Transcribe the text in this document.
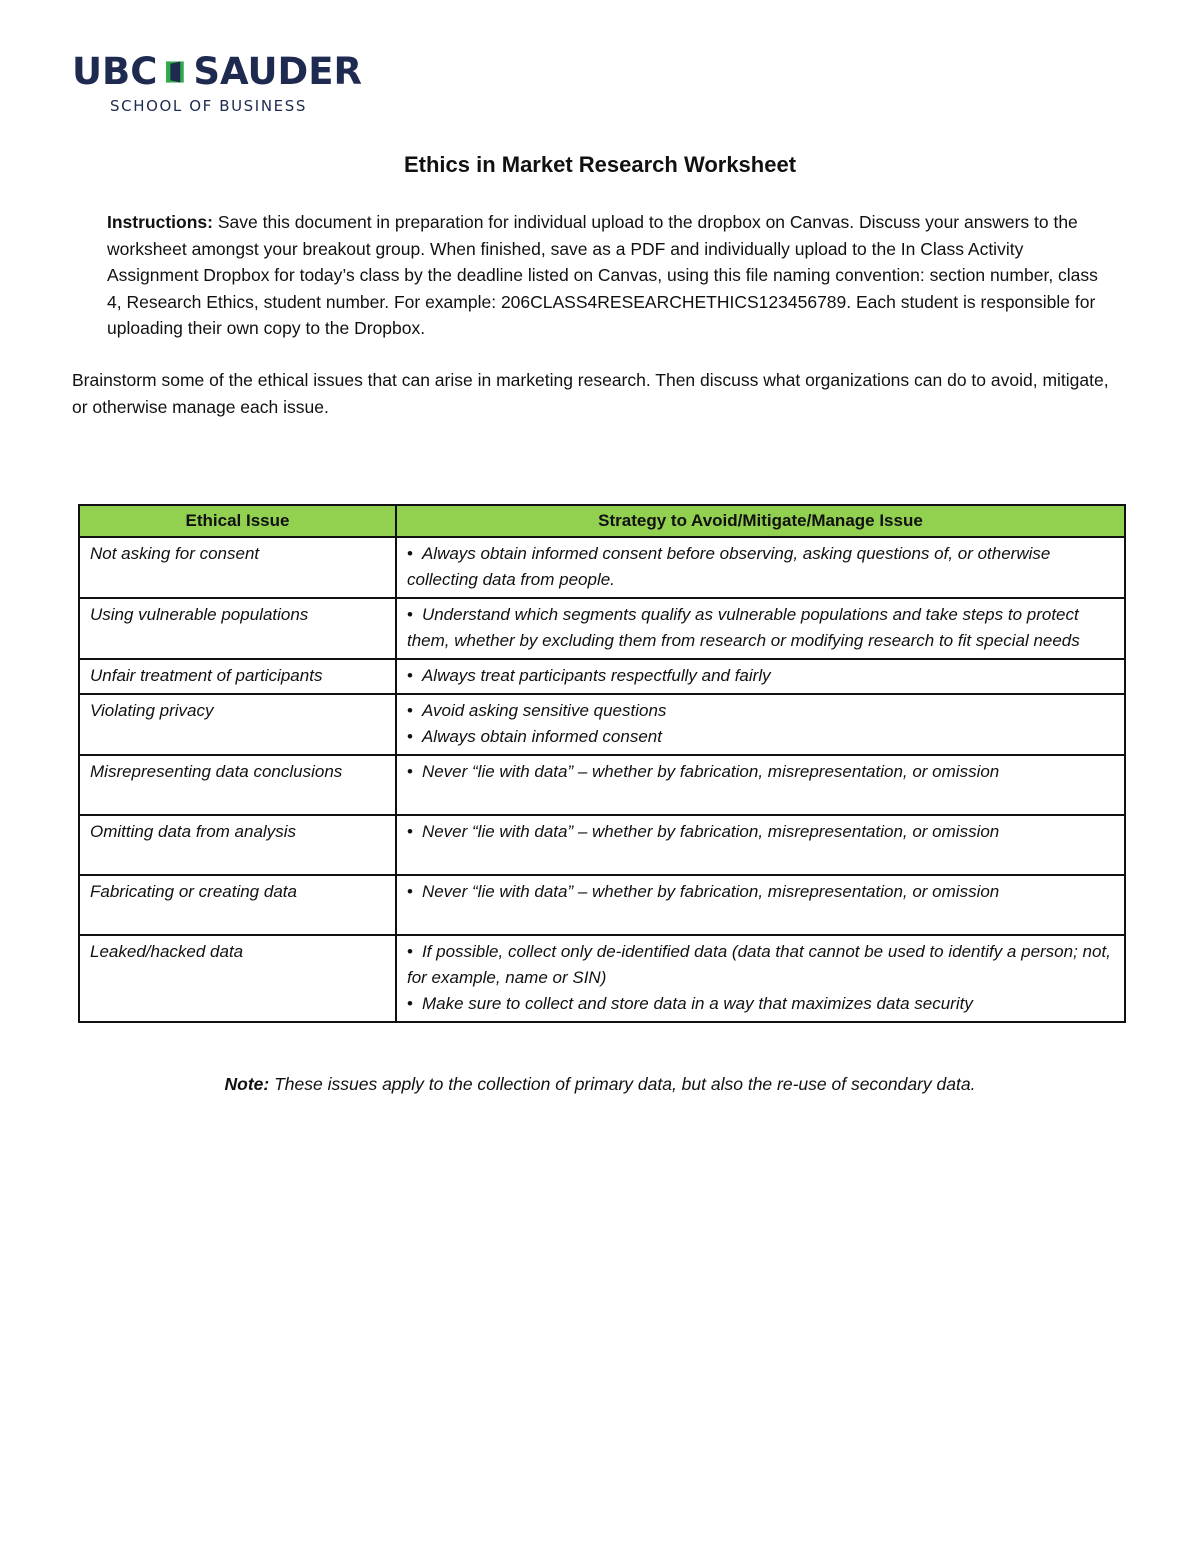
UBC SAUDER
SCHOOL OF BUSINESS
Ethics in Market Research Worksheet
Instructions: Save this document in preparation for individual upload to the dropbox on Canvas. Discuss your answers to the worksheet amongst your breakout group. When finished, save as a PDF and individually upload to the In Class Activity Assignment Dropbox for today’s class by the deadline listed on Canvas, using this file naming convention: section number, class 4, Research Ethics, student number. For example: 206CLASS4RESEARCHETHICS123456789. Each student is responsible for uploading their own copy to the Dropbox.
Brainstorm some of the ethical issues that can arise in marketing research. Then discuss what organizations can do to avoid, mitigate, or otherwise manage each issue.
Ethical Issue	Strategy to Avoid/Mitigate/Manage Issue
Not asking for consent	• Always obtain informed consent before observing, asking questions of, or otherwise collecting data from people.

Using vulnerable populations	• Understand which segments qualify as vulnerable populations and take steps to protect them, whether by excluding them from research or modifying research to fit special needs

Unfair treatment of participants	• Always treat participants respectfully and fairly

Violating privacy	• Avoid asking sensitive questions
• Always obtain informed consent

Misrepresenting data conclusions	• Never “lie with data” – whether by fabrication, misrepresentation, or omission

Omitting data from analysis	• Never “lie with data” – whether by fabrication, misrepresentation, or omission

Fabricating or creating data	• Never “lie with data” – whether by fabrication, misrepresentation, or omission

Leaked/hacked data	• If possible, collect only de-identified data (data that cannot be used to identify a person; not, for example, name or SIN)
• Make sure to collect and store data in a way that maximizes data security
Note: These issues apply to the collection of primary data, but also the re-use of secondary data.
